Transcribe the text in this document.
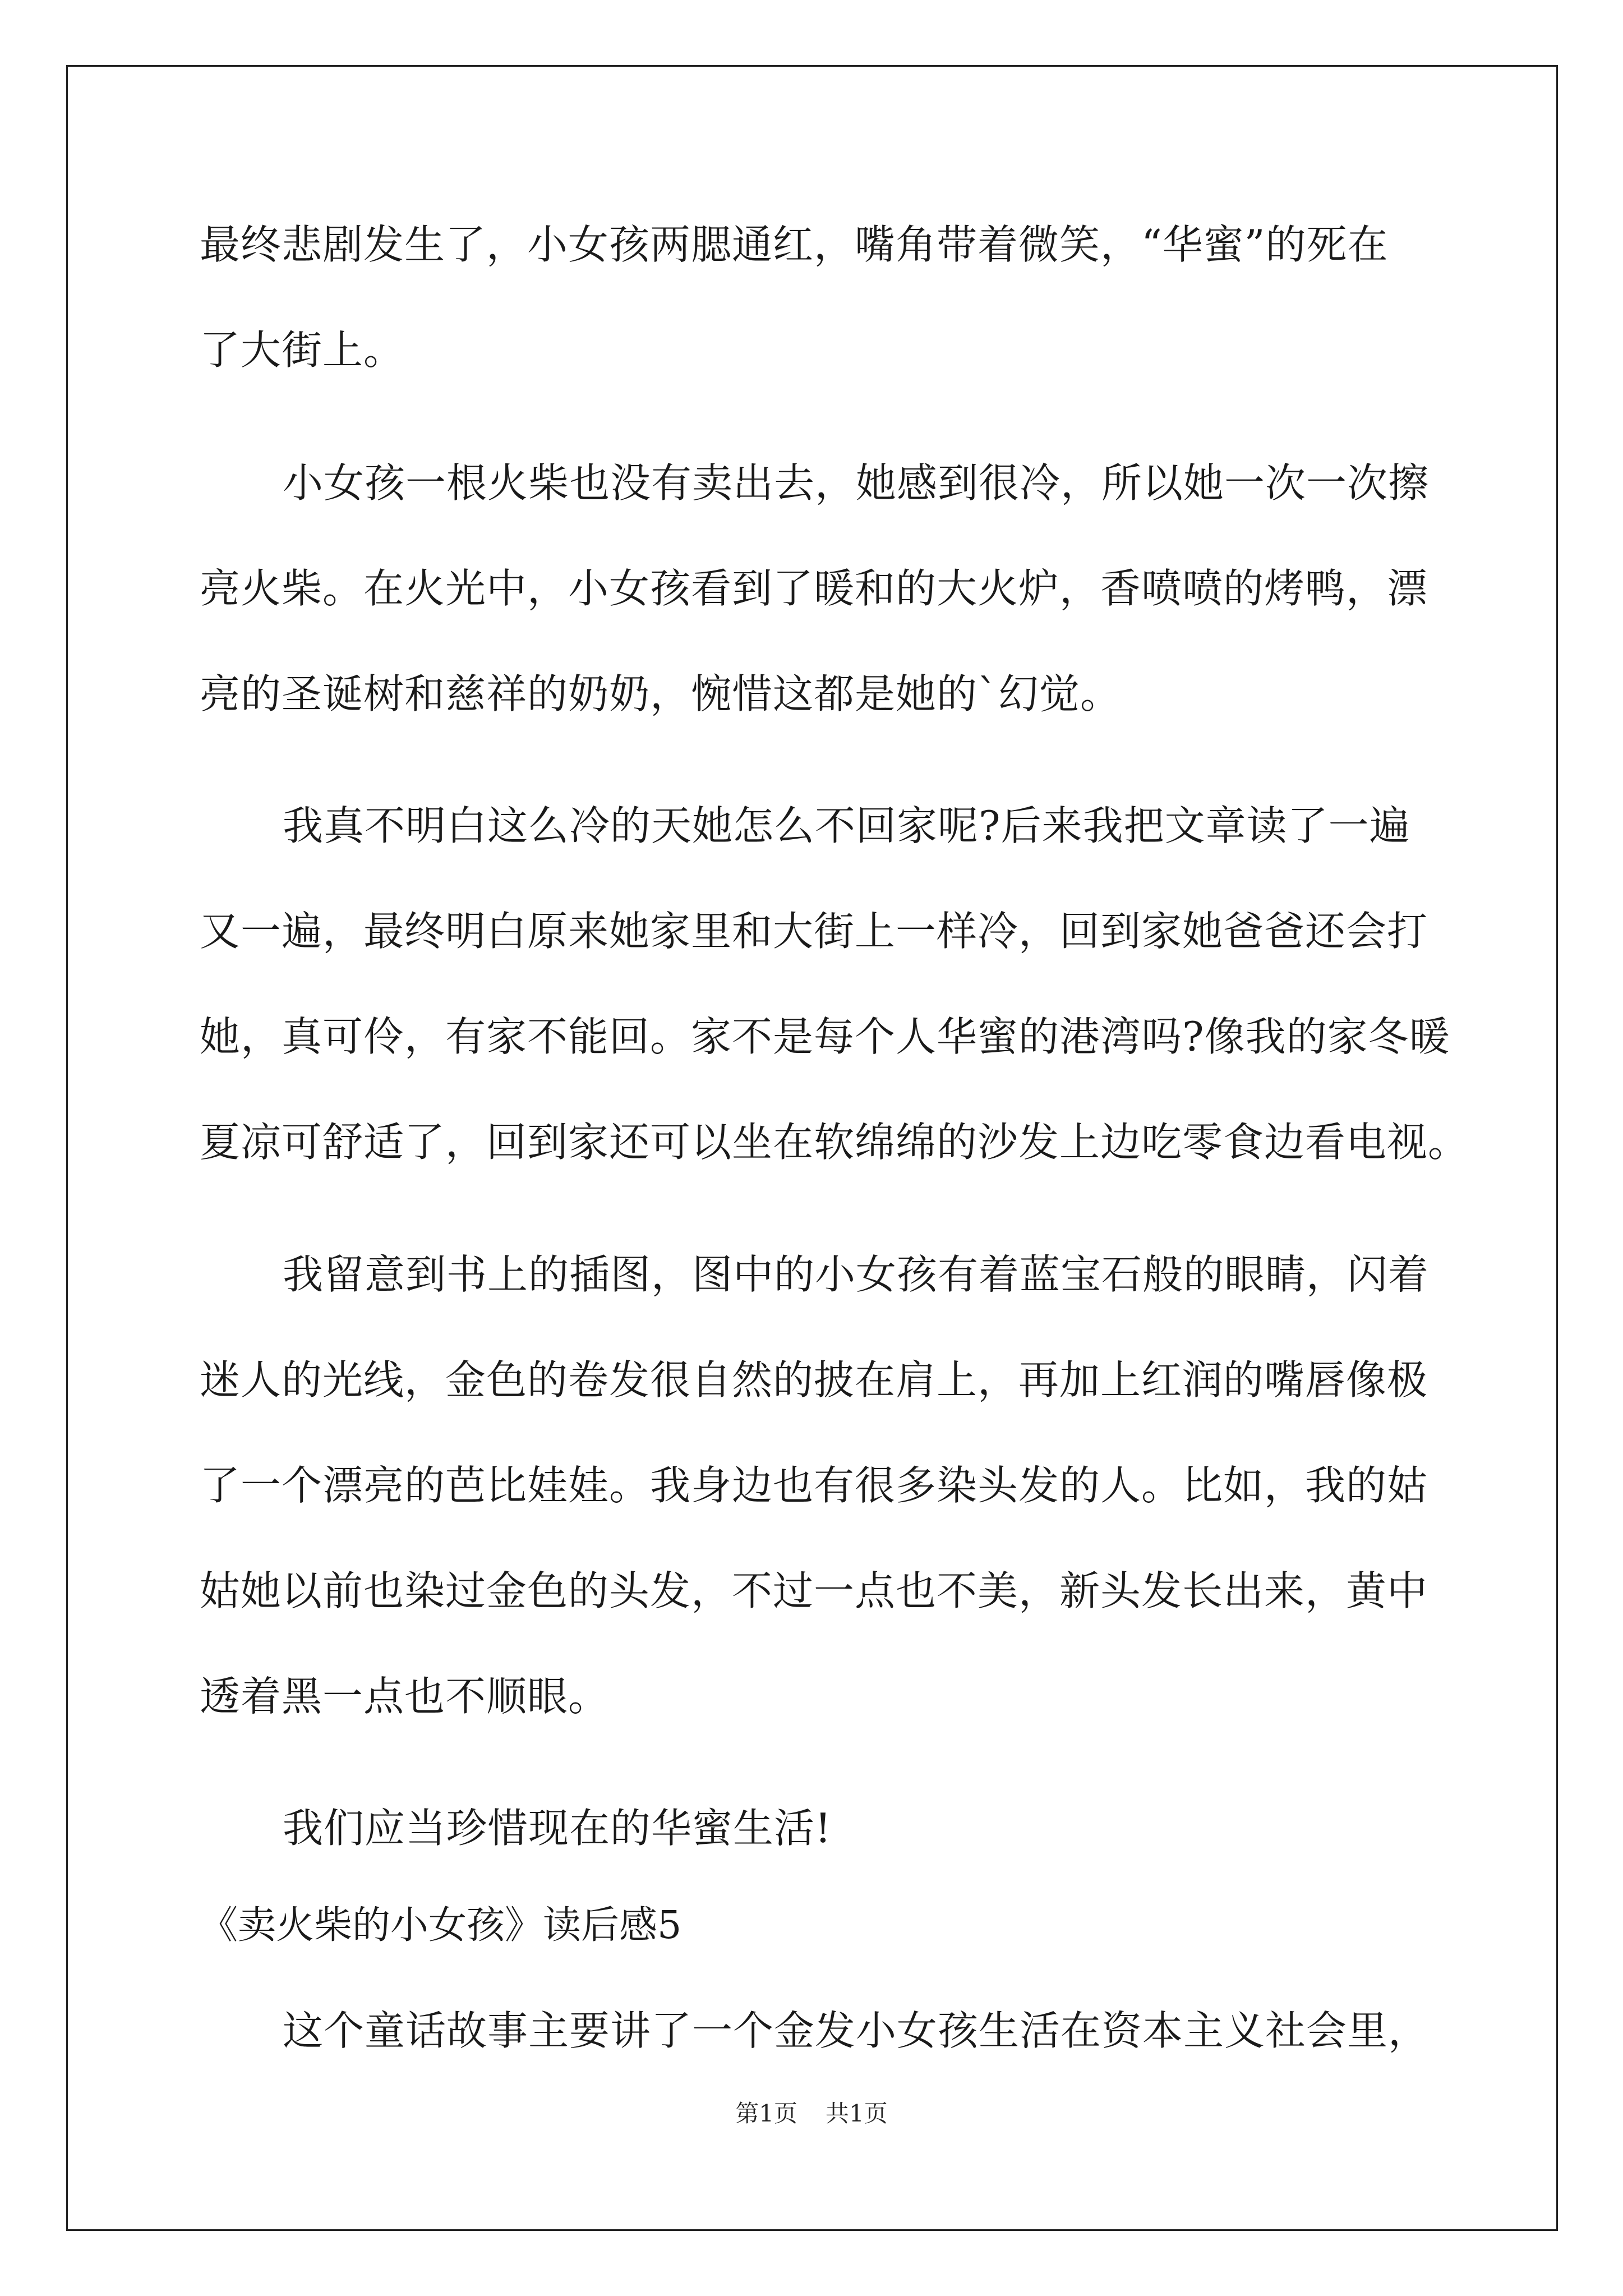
最终悲剧发生了，小女孩两腮通红，嘴角带着微笑，“华蜜”的死在
了大街上。
小女孩一根火柴也没有卖出去，她感到很冷，所以她一次一次擦
亮火柴。在火光中，小女孩看到了暖和的大火炉，香喷喷的烤鸭，漂
亮的圣诞树和慈祥的奶奶，惋惜这都是她的`幻觉。
我真不明白这么冷的天她怎么不回家呢?后来我把文章读了一遍
又一遍，最终明白原来她家里和大街上一样冷，回到家她爸爸还会打
她，真可伶，有家不能回。家不是每个人华蜜的港湾吗?像我的家冬暖
夏凉可舒适了，回到家还可以坐在软绵绵的沙发上边吃零食边看电视。
我留意到书上的插图，图中的小女孩有着蓝宝石般的眼睛，闪着
迷人的光线，金色的卷发很自然的披在肩上，再加上红润的嘴唇像极
了一个漂亮的芭比娃娃。我身边也有很多染头发的人。比如，我的姑
姑她以前也染过金色的头发，不过一点也不美，新头发长出来，黄中
透着黑一点也不顺眼。
我们应当珍惜现在的华蜜生活!
《卖火柴的小女孩》读后感5
这个童话故事主要讲了一个金发小女孩生活在资本主义社会里，
第1页 共1页
